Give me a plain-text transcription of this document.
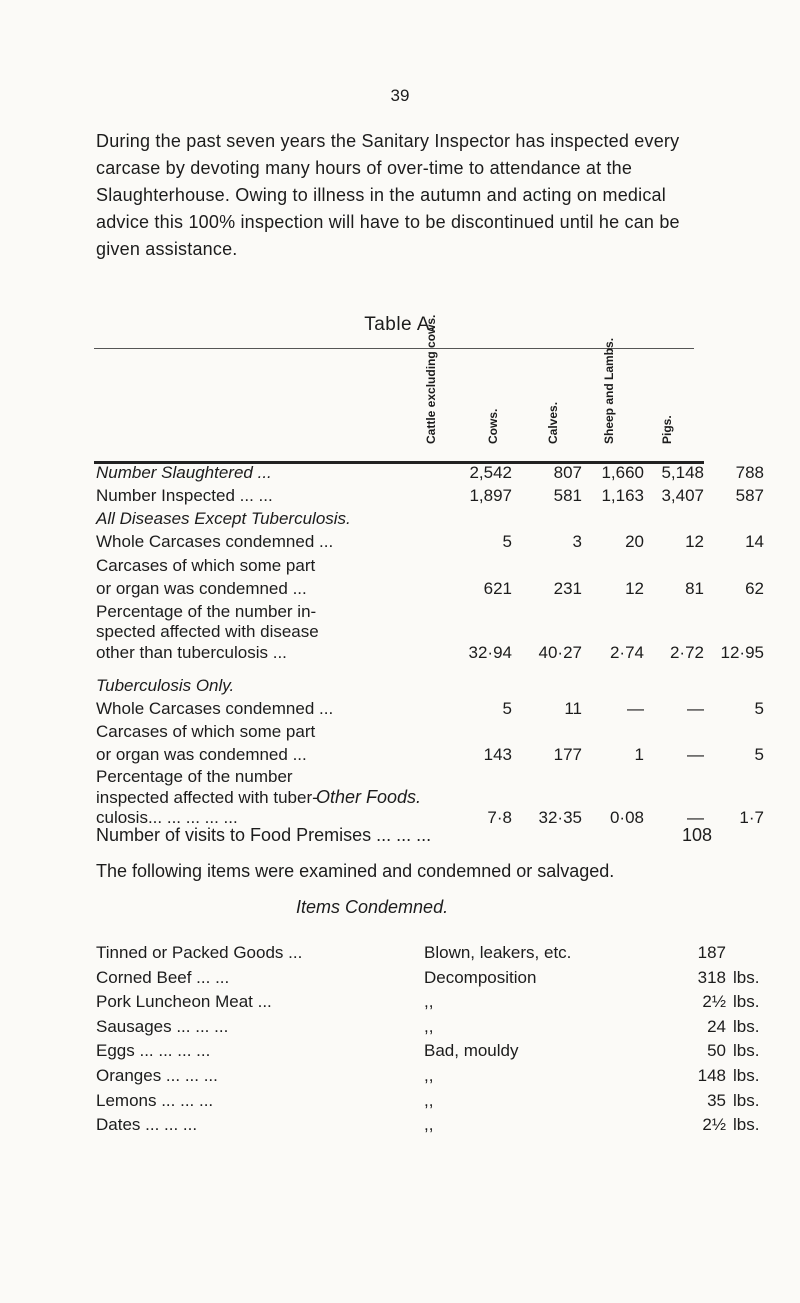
39

During the past seven years the Sanitary Inspector has inspected every carcase by devoting many hours of over-time to attendance at the Slaughterhouse. Owing to illness in the autumn and acting on medical advice this 100% inspection will have to be discontinued until he can be given assistance.

Table A.
Cattle excluding cows.	Cows.	Calves.	Sheep and Lambs.	Pigs.
Number Slaughtered ...	2,542	807	1,660	5,148	788
Number Inspected ... ...	1,897	581	1,163	3,407	587
All Diseases Except Tuberculosis.
Whole Carcases condemned ...	5	3	20	12	14
Carcases of which some part
or organ was condemned ...	621	231	12	81	62
Percentage of the number in-
spected affected with disease
other than tuberculosis ...	32·94	40·27	2·74	2·72 12·95
Tuberculosis Only.
Whole Carcases condemned ...	5	11	—	—	5
Carcases of which some part
or organ was condemned ...	143	177	1	—	5
Percentage of the number
inspected affected with tuber-
culosis... ... ... ... ...	7·8	32·35	0·08	—	1·7
Other Foods.
Number of visits to Food Premises ... ... ...	108
The following items were examined and condemned or salvaged.
Items Condemned.
Tinned or Packed Goods ...	Blown, leakers, etc.	187
Corned Beef ... ...	Decomposition	318 lbs.
Pork Luncheon Meat ...	,,	2½ lbs.
Sausages ... ... ...	,,	24 lbs.
Eggs ... ... ... ...	Bad, mouldy	50 lbs.
Oranges ... ... ...	,,	148 lbs.
Lemons ... ... ...	,,	35 lbs.
Dates ... ... ...	,,	2½ lbs.
